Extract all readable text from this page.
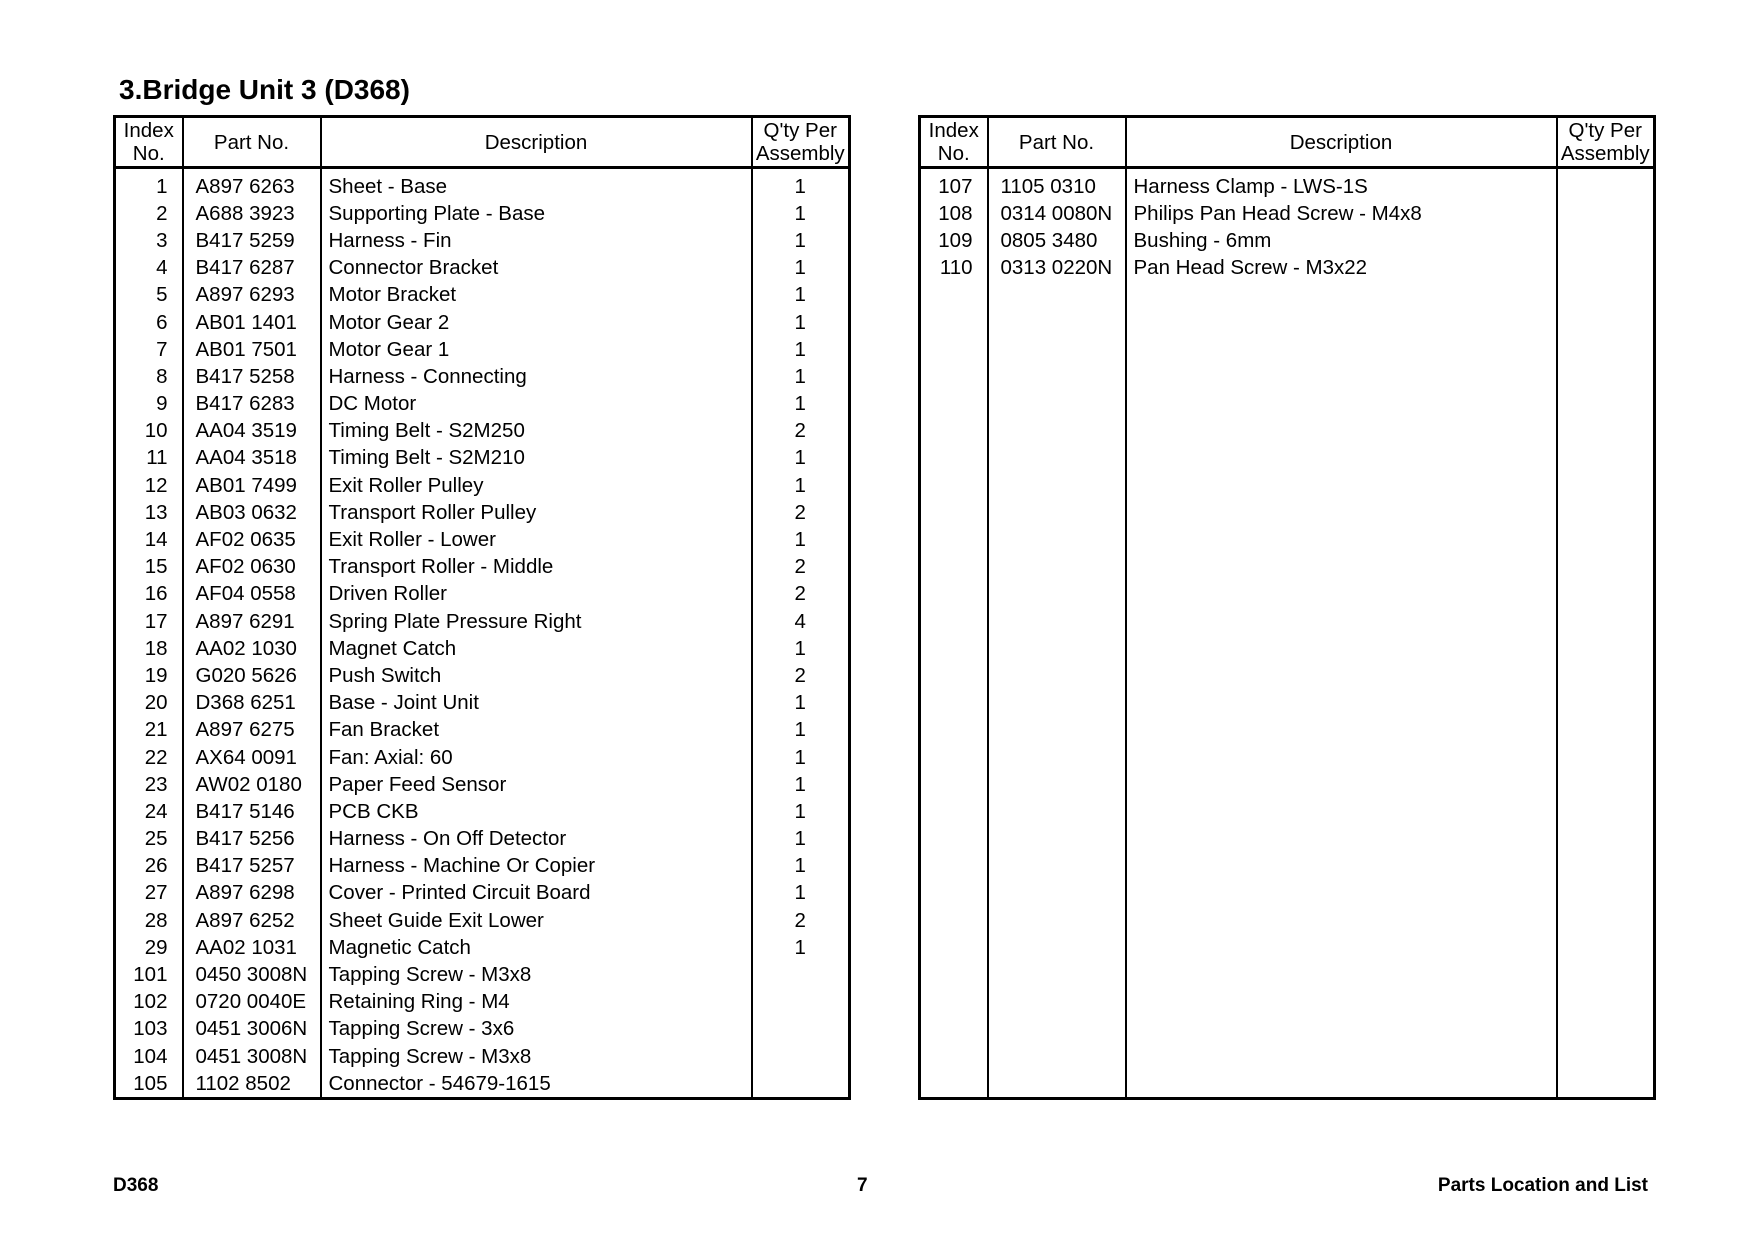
3.Bridge Unit 3 (D368)
Index No.	Part No.	Description	Q'ty Per Assembly
1	A897 6263	Sheet - Base	1
2	A688 3923	Supporting Plate - Base	1
3	B417 5259	Harness - Fin	1
4	B417 6287	Connector Bracket	1
5	A897 6293	Motor Bracket	1
6	AB01 1401	Motor Gear 2	1
7	AB01 7501	Motor Gear 1	1
8	B417 5258	Harness - Connecting	1
9	B417 6283	DC Motor	1
10	AA04 3519	Timing Belt - S2M250	2
11	AA04 3518	Timing Belt - S2M210	1
12	AB01 7499	Exit Roller Pulley	1
13	AB03 0632	Transport Roller Pulley	2
14	AF02 0635	Exit Roller - Lower	1
15	AF02 0630	Transport Roller - Middle	2
16	AF04 0558	Driven Roller	2
17	A897 6291	Spring Plate Pressure Right	4
18	AA02 1030	Magnet Catch	1
19	G020 5626	Push Switch	2
20	D368 6251	Base - Joint Unit	1
21	A897 6275	Fan Bracket	1
22	AX64 0091	Fan: Axial: 60	1
23	AW02 0180	Paper Feed Sensor	1
24	B417 5146	PCB CKB	1
25	B417 5256	Harness - On Off Detector	1
26	B417 5257	Harness - Machine Or Copier	1
27	A897 6298	Cover - Printed Circuit Board	1
28	A897 6252	Sheet Guide Exit Lower	2
29	AA02 1031	Magnetic Catch	1
101	0450 3008N	Tapping Screw - M3x8	
102	0720 0040E	Retaining Ring - M4	
103	0451 3006N	Tapping Screw - 3x6	
104	0451 3008N	Tapping Screw - M3x8	
105	1102 8502	Connector - 54679-1615	
Index No.	Part No.	Description	Q'ty Per Assembly
107	1105 0310	Harness Clamp - LWS-1S	
108	0314 0080N	Philips Pan Head Screw - M4x8	
109	0805 3480	Bushing - 6mm	
110	0313 0220N	Pan Head Screw - M3x22	

D368	7	Parts Location and List
